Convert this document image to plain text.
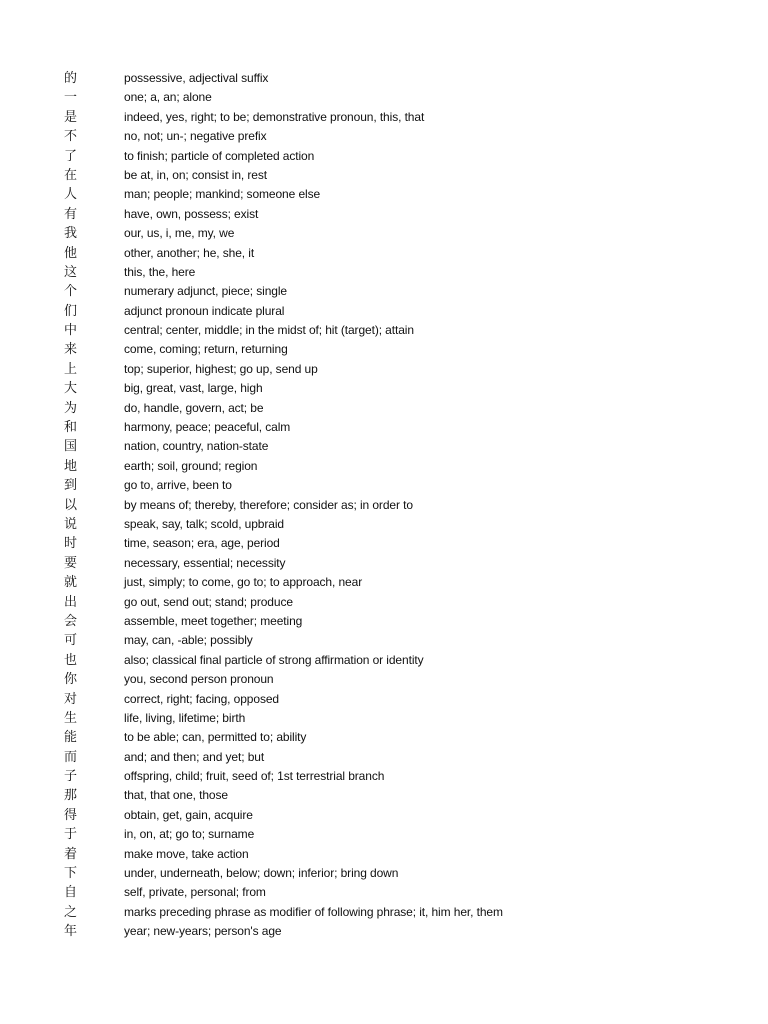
的	possessive, adjectival suffix
一	one; a, an; alone
是	indeed, yes, right; to be; demonstrative pronoun, this, that
不	no, not; un-; negative prefix
了	to finish; particle of completed action
在	be at, in, on; consist in, rest
人	man; people; mankind; someone else
有	have, own, possess; exist
我	our, us, i, me, my, we
他	other, another; he, she, it
这	this, the, here
个	numerary adjunct, piece; single
们	adjunct pronoun indicate plural
中	central; center, middle; in the midst of; hit (target); attain
来	come, coming; return, returning
上	top; superior, highest; go up, send up
大	big, great, vast, large, high
为	do, handle, govern, act; be
和	harmony, peace; peaceful, calm
国	nation, country, nation-state
地	earth; soil, ground; region
到	go to, arrive, been to
以	by means of; thereby, therefore; consider as; in order to
说	speak, say, talk; scold, upbraid
时	time, season; era, age, period
要	necessary, essential; necessity
就	just, simply; to come, go to; to approach, near
出	go out, send out; stand; produce
会	assemble, meet together; meeting
可	may, can, -able; possibly
也	also; classical final particle of strong affirmation or identity
你	you, second person pronoun
对	correct, right; facing, opposed
生	life, living, lifetime; birth
能	to be able; can, permitted to; ability
而	and; and then; and yet; but
子	offspring, child; fruit, seed of; 1st terrestrial branch
那	that, that one, those
得	obtain, get, gain, acquire
于	in, on, at; go to; surname
着	make move, take action
下	under, underneath, below; down; inferior; bring down
自	self, private, personal; from
之	marks preceding phrase as modifier of following phrase; it, him her, them
年	year; new-years; person's age
